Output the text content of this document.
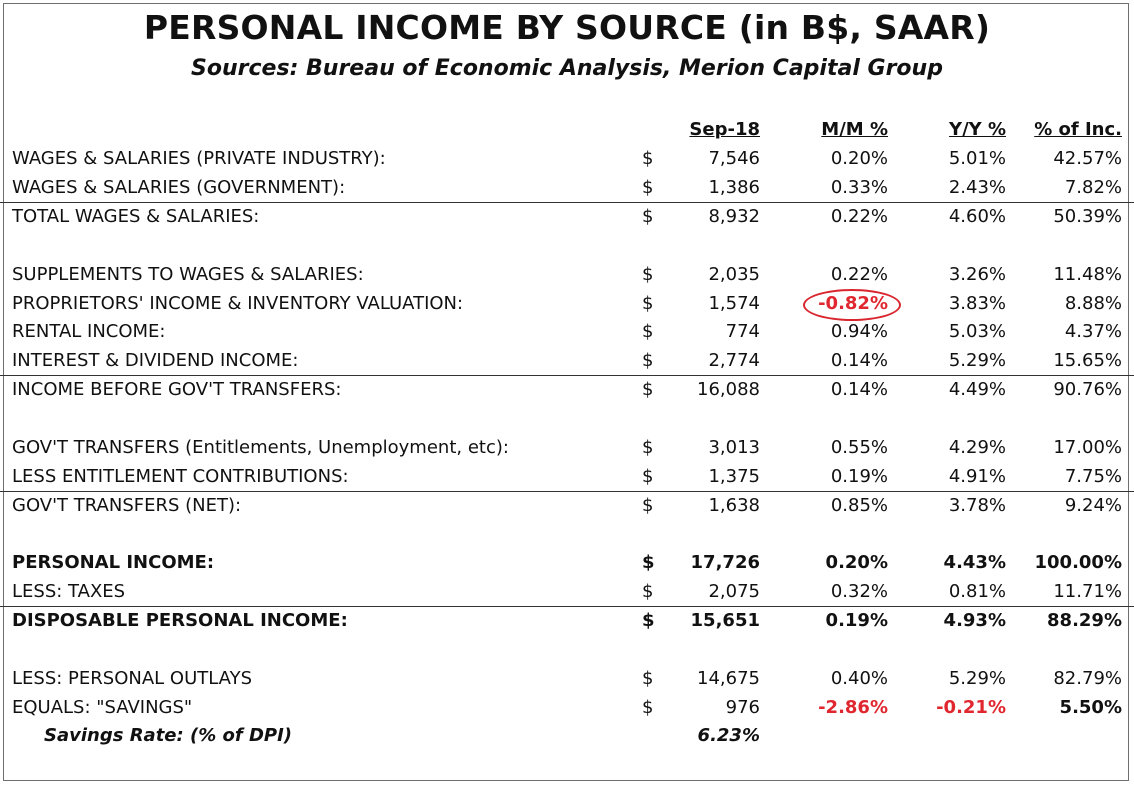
PERSONAL INCOME BY SOURCE (in B$, SAAR)
Sources: Bureau of Economic Analysis, Merion Capital Group
Sep-18	M/M %	Y/Y % % of Inc.
WAGES & SALARIES (PRIVATE INDUSTRY):	$	7,546	0.20%	5.01%	42.57%
WAGES & SALARIES (GOVERNMENT):	$	1,386	0.33%	2.43%	7.82%
TOTAL WAGES & SALARIES:	$	8,932	0.22%	4.60%	50.39%
SUPPLEMENTS TO WAGES & SALARIES:	$	2,035	0.22%	3.26%	11.48%
PROPRIETORS' INCOME & INVENTORY VALUATION:	$	1,574	-0.82%	3.83%	8.88%
RENTAL INCOME:	$	774	0.94%	5.03%	4.37%
INTEREST & DIVIDEND INCOME:	$	2,774	0.14%	5.29%	15.65%
INCOME BEFORE GOV'T TRANSFERS:	$ 16,088	0.14%	4.49%	90.76%
GOV'T TRANSFERS (Entitlements, Unemployment, etc):	$	3,013	0.55%	4.29%	17.00%
LESS ENTITLEMENT CONTRIBUTIONS:	$	1,375	0.19%	4.91%	7.75%
GOV'T TRANSFERS (NET):	$	1,638	0.85%	3.78%	9.24%
PERSONAL INCOME:	$ 17,726	0.20%	4.43% 100.00%
LESS: TAXES	$	2,075	0.32%	0.81%	11.71%
DISPOSABLE PERSONAL INCOME:	$ 15,651	0.19%	4.93% 88.29%
LESS: PERSONAL OUTLAYS	$ 14,675	0.40%	5.29%	82.79%
EQUALS: "SAVINGS"	$	976	-2.86%	-0.21%	5.50%
Savings Rate: (% of DPI)	6.23%
